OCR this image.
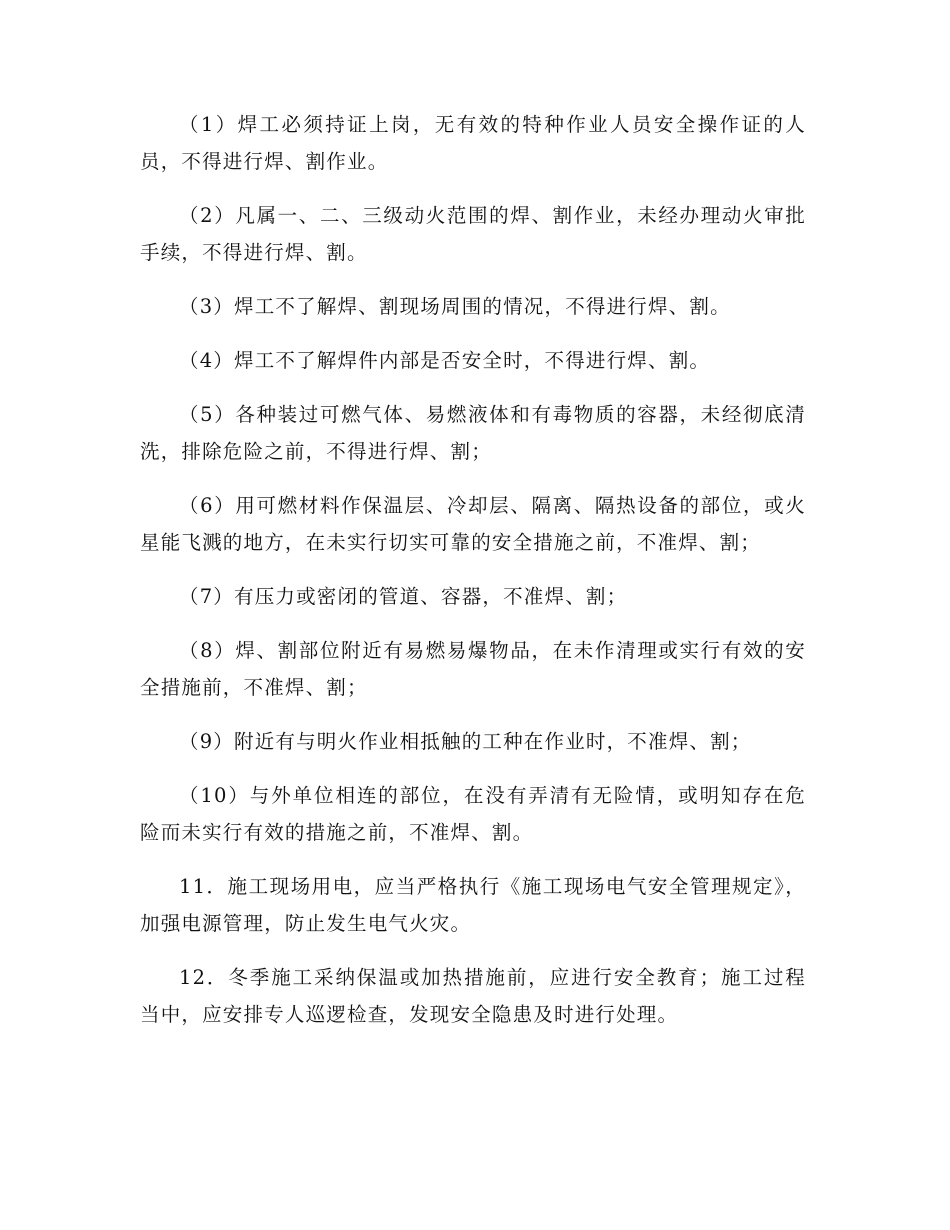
（1）焊工必须持证上岗，无有效的特种作业人员安全操作证的人员，不得进行焊、割作业。

（2）凡属一、二、三级动火范围的焊、割作业，未经办理动火审批手续，不得进行焊、割。

（3）焊工不了解焊、割现场周围的情况，不得进行焊、割。

（4）焊工不了解焊件内部是否安全时，不得进行焊、割。

（5）各种装过可燃气体、易燃液体和有毒物质的容器，未经彻底清洗，排除危险之前，不得进行焊、割；

（6）用可燃材料作保温层、冷却层、隔离、隔热设备的部位，或火星能飞溅的地方，在未实行切实可靠的安全措施之前，不准焊、割；

（7）有压力或密闭的管道、容器，不准焊、割；

（8）焊、割部位附近有易燃易爆物品，在未作清理或实行有效的安全措施前，不准焊、割；

（9）附近有与明火作业相抵触的工种在作业时，不准焊、割；

（10）与外单位相连的部位，在没有弄清有无险情，或明知存在危险而未实行有效的措施之前，不准焊、割。

11．施工现场用电，应当严格执行《施工现场电气安全管理规定》，加强电源管理，防止发生电气火灾。

12．冬季施工采纳保温或加热措施前，应进行安全教育；施工过程当中，应安排专人巡逻检查，发现安全隐患及时进行处理。
